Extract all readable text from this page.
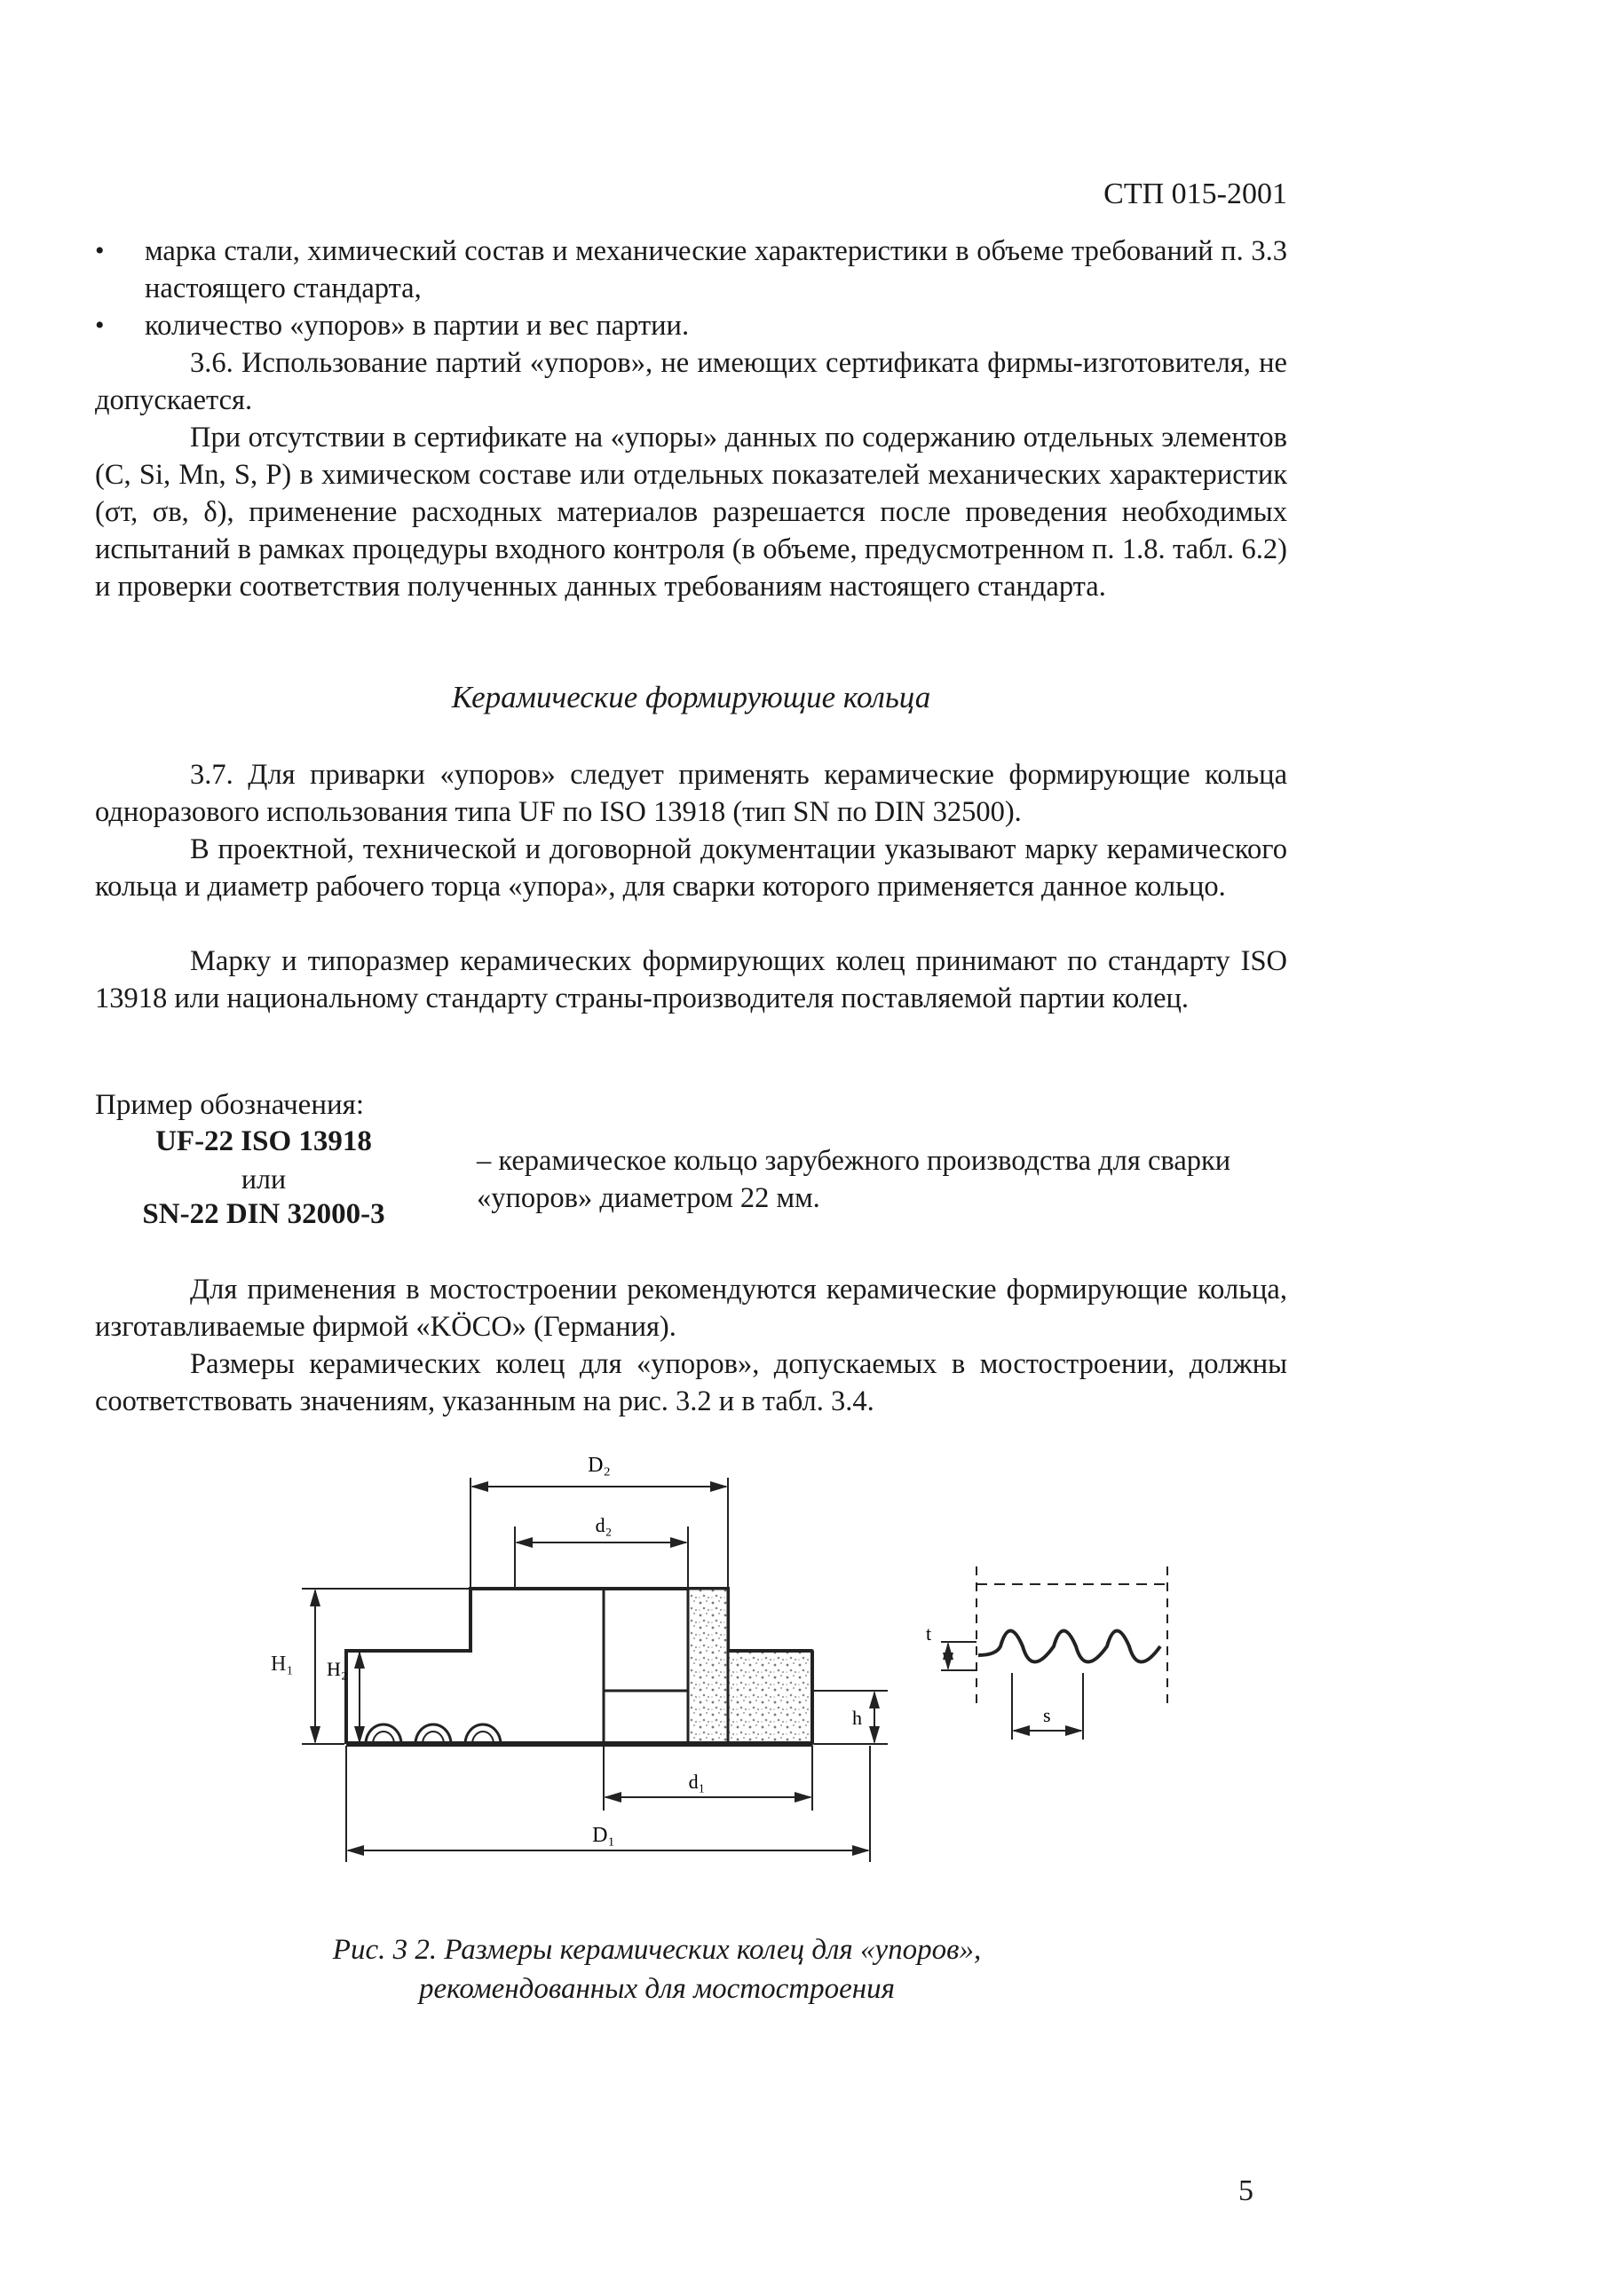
СТП 015-2001

• марка стали, химический состав и механические характеристики в объеме требований п. 3.3 настоящего стандарта,

• количество «упоров» в партии и вес партии.

3.6. Использование партий «упоров», не имеющих сертификата фирмы-изготовителя, не допускается.

При отсутствии в сертификате на «упоры» данных по содержанию отдельных элементов (C, Si, Mn, S, P) в химическом составе или отдельных показателей механических характеристик (σт, σв, δ), применение расходных материалов разрешается после проведения необходимых испытаний в рамках процедуры входного контроля (в объеме, предусмотренном п. 1.8. табл. 6.2) и проверки соответствия полученных данных требованиям настоящего стандарта.

Керамические формирующие кольца

3.7. Для приварки «упоров» следует применять керамические формирующие кольца одноразового использования типа UF по ISO 13918 (тип SN по DIN 32500).

В проектной, технической и договорной документации указывают марку керамического кольца и диаметр рабочего торца «упора», для сварки которого применяется данное кольцо.

Марку и типоразмер керамических формирующих колец принимают по стандарту ISO 13918 или национальному стандарту страны-производителя поставляемой партии колец.

Пример обозначения:
UF-22 ISO 13918
или
SN-22 DIN 32000-3
– керамическое кольцо зарубежного производства для сварки «упоров» диаметром 22 мм.

Для применения в мостостроении рекомендуются керамические формирующие кольца, изготавливаемые фирмой «KÖCO» (Германия).

Размеры керамических колец для «упоров», допускаемых в мостостроении, должны соответствовать значениям, указанным на рис. 3.2 и в табл. 3.4.

D₂
d₂
H₂
h
d₁
D₁
t
s
H₁
Рис. 3 2. Размеры керамических колец для «упоров»,
рекомендованных для мостостроения
5
